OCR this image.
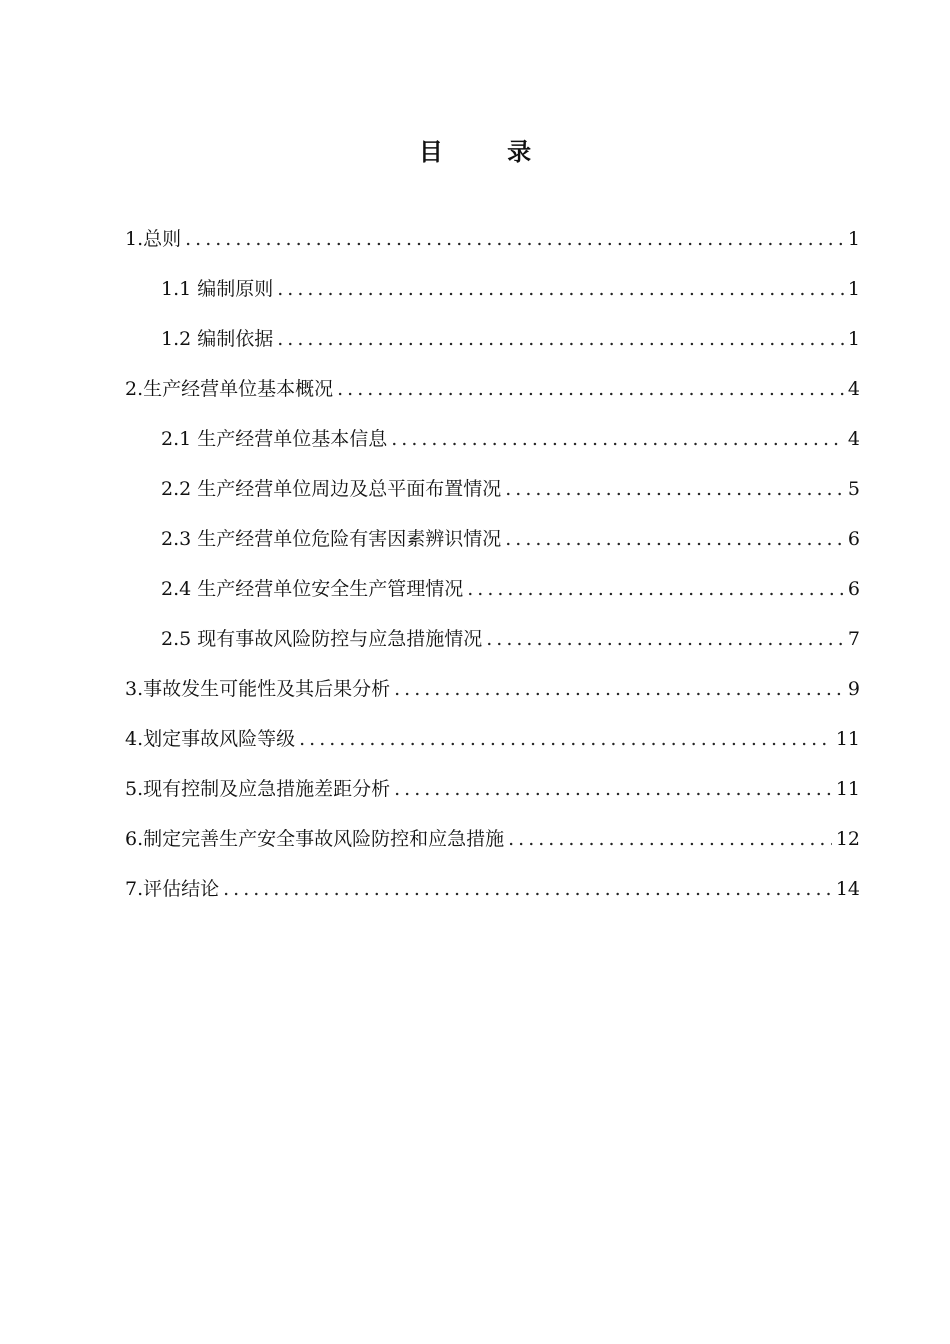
目 录
1.总则 .....	1
1.1 编制原则 .....	1
1.2 编制依据 .....	1
2.生产经营单位基本概况 .....	4
2.1 生产经营单位基本信息 .....	4
2.2 生产经营单位周边及总平面布置情况 .....	5
2.3 生产经营单位危险有害因素辨识情况 .....	6
2.4 生产经营单位安全生产管理情况 .....	6
2.5 现有事故风险防控与应急措施情况 .....	7
3.事故发生可能性及其后果分析 .....	9
4.划定事故风险等级 .....	11
5.现有控制及应急措施差距分析 .....	11
6.制定完善生产安全事故风险防控和应急措施 .....	12
7.评估结论 .....	14
